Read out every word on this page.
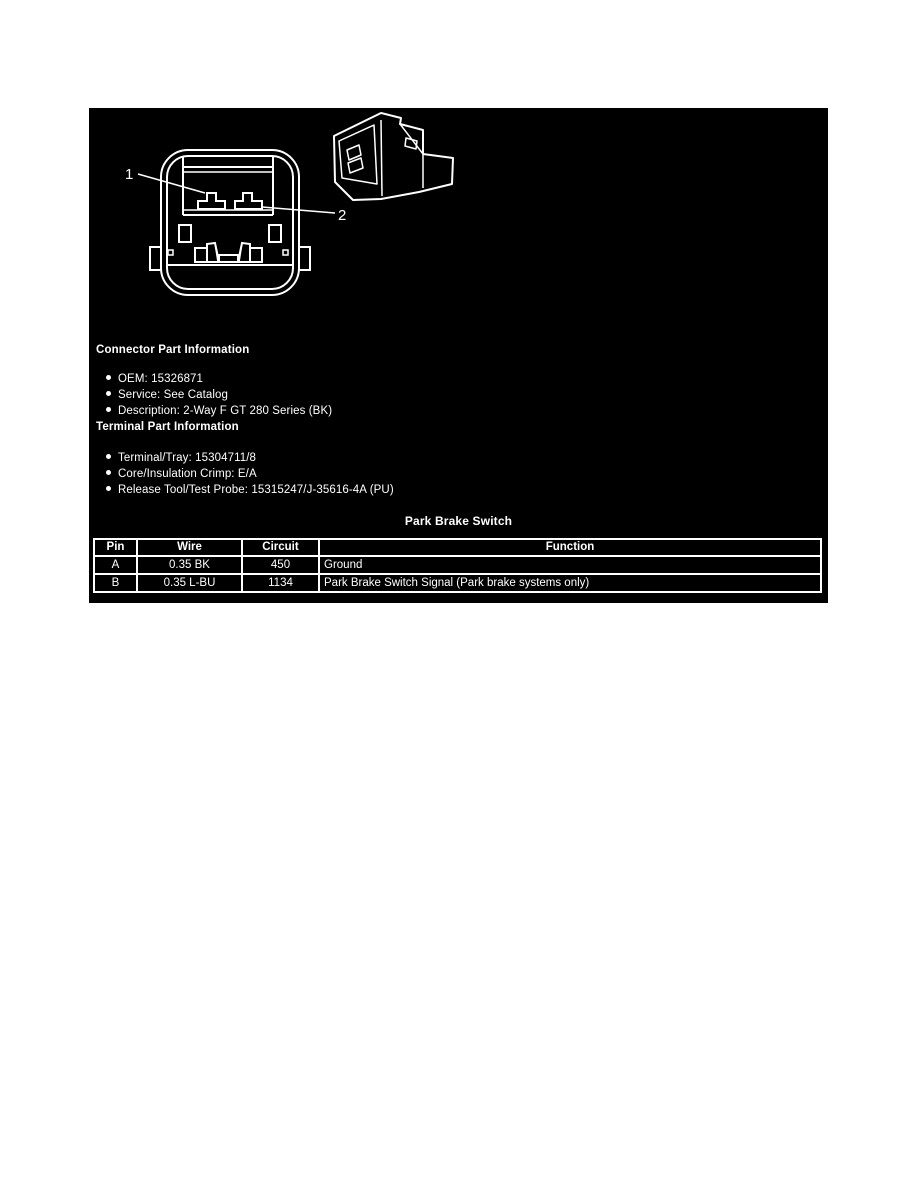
1
2
Connector Part Information
OEM: 15326871
Service: See Catalog
Description: 2-Way F GT 280 Series (BK)
Terminal Part Information
Terminal/Tray: 15304711/8
Core/Insulation Crimp: E/A
Release Tool/Test Probe: 15315247/J-35616-4A (PU)
Park Brake Switch
Pin	Wire	Circuit	Function
A	0.35 BK	450	Ground
B	0.35 L-BU	1134	Park Brake Switch Signal (Park brake systems only)
